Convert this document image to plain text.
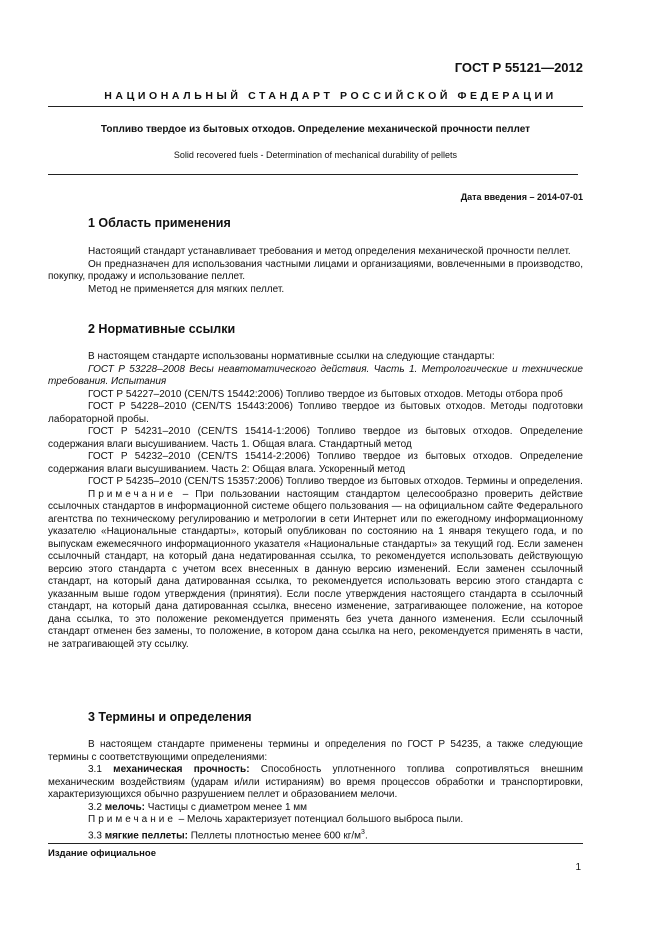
ГОСТ Р 55121—2012
НАЦИОНАЛЬНЫЙ СТАНДАРТ РОССИЙСКОЙ ФЕДЕРАЦИИ
Топливо твердое из бытовых отходов. Определение механической прочности пеллет
Solid recovered fuels - Determination of mechanical durability of pellets
Дата введения – 2014-07-01
1 Область применения

Настоящий стандарт устанавливает требования и метод определения механической прочности пеллет.

Он предназначен для использования частными лицами и организациями, вовлеченными в производство, покупку, продажу и использование пеллет.

Метод не применяется для мягких пеллет.

2 Нормативные ссылки

В настоящем стандарте использованы нормативные ссылки на следующие стандарты:

ГОСТ Р 53228–2008 Весы неавтоматического действия. Часть 1. Метрологические и технические требования. Испытания

ГОСТ Р 54227–2010 (CEN/TS 15442:2006) Топливо твердое из бытовых отходов. Методы отбора проб

ГОСТ Р 54228–2010 (CEN/TS 15443:2006) Топливо твердое из бытовых отходов. Методы подготовки лабораторной пробы.

ГОСТ Р 54231–2010 (CEN/TS 15414-1:2006) Топливо твердое из бытовых отходов. Определение содержания влаги высушиванием. Часть 1. Общая влага. Стандартный метод

ГОСТ Р 54232–2010 (CEN/TS 15414-2:2006) Топливо твердое из бытовых отходов. Определение содержания влаги высушиванием. Часть 2: Общая влага. Ускоренный метод

ГОСТ Р 54235–2010 (CEN/TS 15357:2006) Топливо твердое из бытовых отходов. Термины и определения.

Примечание – При пользовании настоящим стандартом целесообразно проверить действие ссылочных стандартов в информационной системе общего пользования — на официальном сайте Федерального агентства по техническому регулированию и метрологии в сети Интернет или по ежегодному информационному указателю «Национальные стандарты», который опубликован по состоянию на 1 января текущего года, и по выпускам ежемесячного информационного указателя «Национальные стандарты» за текущий год. Если заменен ссылочный стандарт, на который дана недатированная ссылка, то рекомендуется использовать действующую версию этого стандарта с учетом всех внесенных в данную версию изменений. Если заменен ссылочный стандарт, на который дана датированная ссылка, то рекомендуется использовать версию этого стандарта с указанным выше годом утверждения (принятия). Если после утверждения настоящего стандарта в ссылочный стандарт, на который дана датированная ссылка, внесено изменение, затрагивающее положение, на которое дана ссылка, то это положение рекомендуется применять без учета данного изменения. Если ссылочный стандарт отменен без замены, то положение, в котором дана ссылка на него, рекомендуется применять в части, не затрагивающей эту ссылку.

3 Термины и определения

В настоящем стандарте применены термины и определения по ГОСТ Р 54235, а также следующие термины с соответствующими определениями:

3.1 механическая прочность: Способность уплотненного топлива сопротивляться внешним механическим воздействиям (ударам и/или истираниям) во время процессов обработки и транспортировки, характеризующихся обычно разрушением пеллет и образованием мелочи.

3.2 мелочь: Частицы с диаметром менее 1 мм

Примечание – Мелочь характеризует потенциал большого выброса пыли.

3.3 мягкие пеллеты: Пеллеты плотностью менее 600 $кг/м^3$.

Издание официальное
1
